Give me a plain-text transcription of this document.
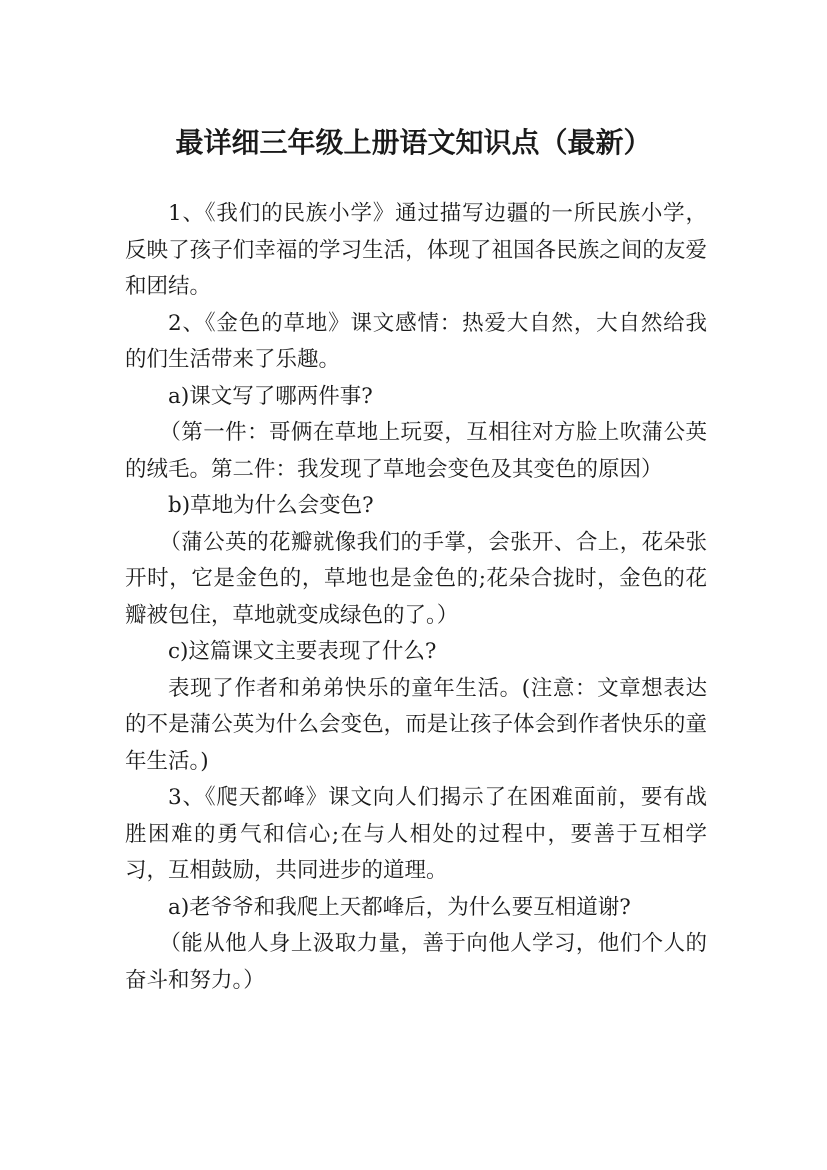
最详细三年级上册语文知识点（最新）

1、《我们的民族小学》通过描写边疆的一所民族小学，反映了孩子们幸福的学习生活，体现了祖国各民族之间的友爱和团结。

2、《金色的草地》课文感情：热爱大自然，大自然给我的们生活带来了乐趣。

a)课文写了哪两件事?

（第一件：哥俩在草地上玩耍，互相往对方脸上吹蒲公英的绒毛。第二件：我发现了草地会变色及其变色的原因）

b)草地为什么会变色?

（蒲公英的花瓣就像我们的手掌，会张开、合上，花朵张开时，它是金色的，草地也是金色的;花朵合拢时，金色的花瓣被包住，草地就变成绿色的了。）

c)这篇课文主要表现了什么?

表现了作者和弟弟快乐的童年生活。(注意：文章想表达的不是蒲公英为什么会变色，而是让孩子体会到作者快乐的童年生活。)

3、《爬天都峰》课文向人们揭示了在困难面前，要有战胜困难的勇气和信心;在与人相处的过程中，要善于互相学习，互相鼓励，共同进步的道理。

a)老爷爷和我爬上天都峰后，为什么要互相道谢?

（能从他人身上汲取力量，善于向他人学习，他们个人的奋斗和努力。）
